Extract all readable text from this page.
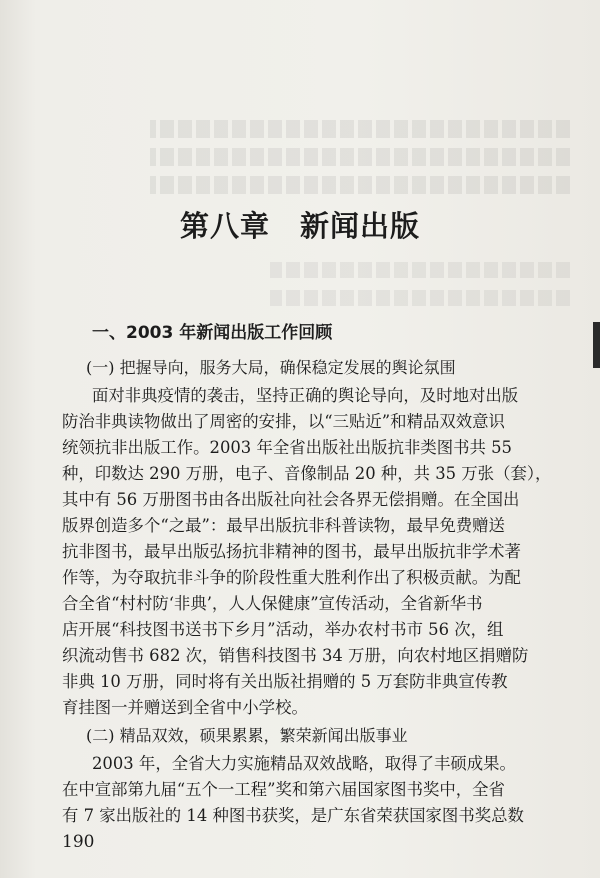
第八章 新闻出版
一、2003 年新闻出版工作回顾
(一) 把握导向，服务大局，确保稳定发展的舆论氛围
面对非典疫情的袭击，坚持正确的舆论导向，及时地对出版
防治非典读物做出了周密的安排，以“三贴近”和精品双效意识
统领抗非出版工作。2003 年全省出版社出版抗非类图书共 55
种，印数达 290 万册，电子、音像制品 20 种，共 35 万张（套），
其中有 56 万册图书由各出版社向社会各界无偿捐赠。在全国出
版界创造多个“之最”：最早出版抗非科普读物，最早免费赠送
抗非图书，最早出版弘扬抗非精神的图书，最早出版抗非学术著
作等，为夺取抗非斗争的阶段性重大胜利作出了积极贡献。为配
合全省“村村防‘非典’，人人保健康”宣传活动，全省新华书
店开展“科技图书送书下乡月”活动，举办农村书市 56 次，组
织流动售书 682 次，销售科技图书 34 万册，向农村地区捐赠防
非典 10 万册，同时将有关出版社捐赠的 5 万套防非典宣传教
育挂图一并赠送到全省中小学校。
(二) 精品双效，硕果累累，繁荣新闻出版事业
2003 年，全省大力实施精品双效战略，取得了丰硕成果。
在中宣部第九届“五个一工程”奖和第六届国家图书奖中，全省
有 7 家出版社的 14 种图书获奖，是广东省荣获国家图书奖总数
190
